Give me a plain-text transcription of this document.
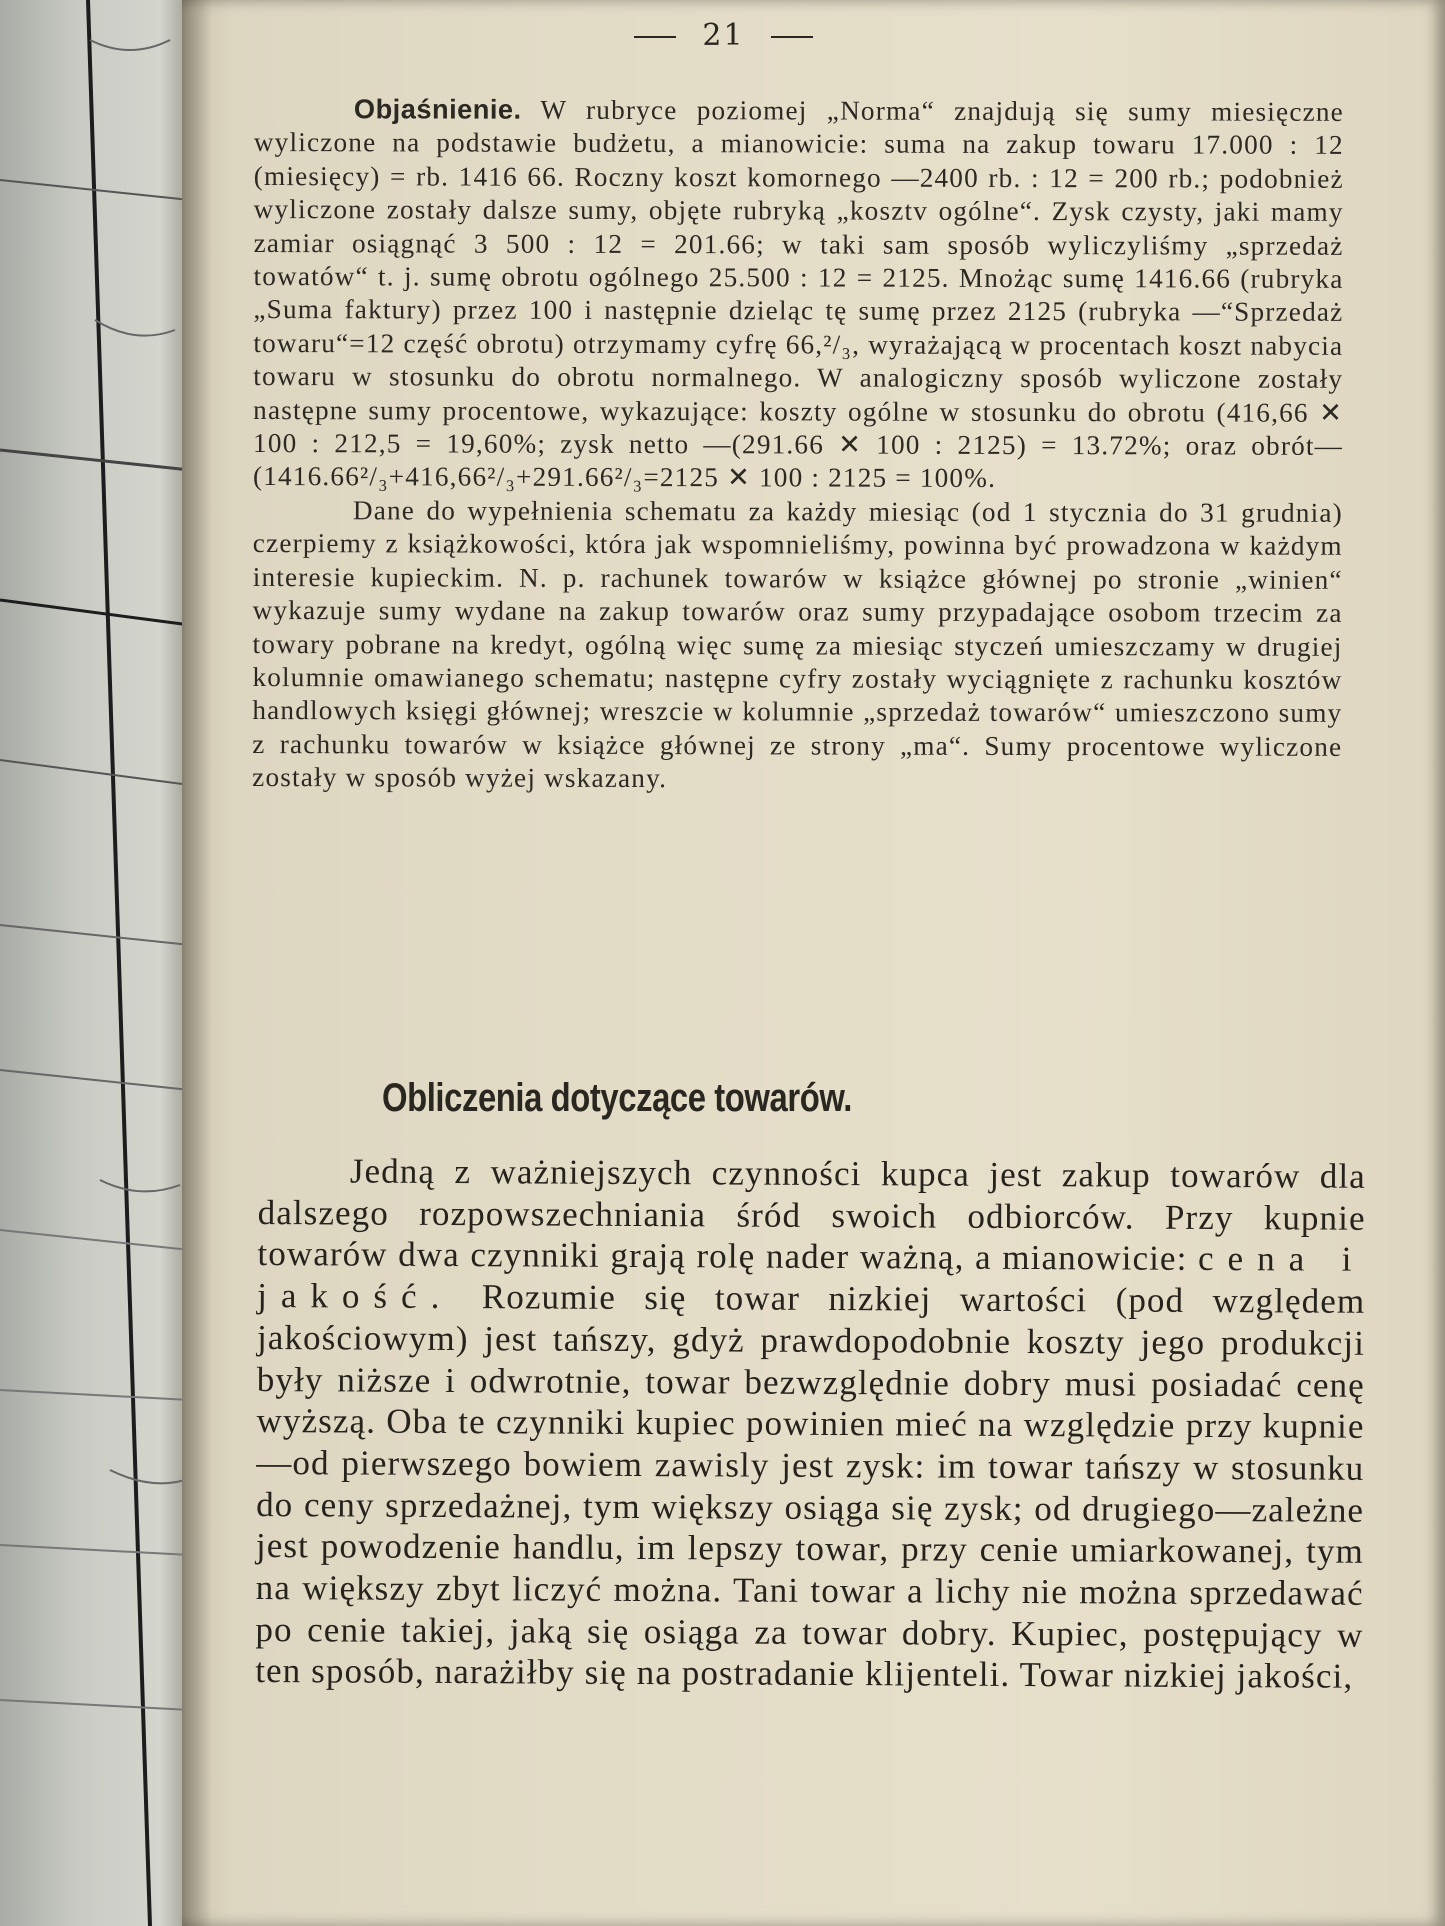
21

Objaśnienie. W rubryce poziomej „Norma“ znajdują się sumy miesięczne wyliczone na podstawie budżetu, a mianowicie: suma na zakup towaru 17.000 : 12 (miesięcy) = rb. 1416 66. Roczny koszt komornego —2400 rb. : 12 = 200 rb.; podobnież wyliczone zostały dalsze sumy, objęte rubryką „kosztv ogólne“. Zysk czysty, jaki mamy zamiar osiągnąć 3 500 : 12 = 201.66; w taki sam sposób wyliczyliśmy „sprzedaż towatów“ t. j. sumę obrotu ogólnego 25.500 : 12 = 2125. Mnożąc sumę 1416.66 (rubryka „Suma faktury) przez 100 i następnie dzieląc tę sumę przez 2125 (rubryka —“Sprzedaż towaru“=12 część obrotu) otrzymamy cyfrę 66,²/₃, wyrażającą w procentach koszt nabycia towaru w stosunku do obrotu normalnego. W analogiczny sposób wyliczone zostały następne sumy procentowe, wykazujące: koszty ogólne w stosunku do obrotu (416,66 ✕ 100 : 212,5 = 19,60%; zysk netto —(291.66 ✕ 100 : 2125) = 13.72%; oraz obrót—(1416.66²/₃+416,66²/₃+291.66²/₃=2125 ✕ 100 : 2125 = 100%.

Dane do wypełnienia schematu za każdy miesiąc (od 1 stycznia do 31 grudnia) czerpiemy z książkowości, która jak wspomnieliśmy, powinna być prowadzona w każdym interesie kupieckim. N. p. rachunek towarów w książce głównej po stronie „winien“ wykazuje sumy wydane na zakup towarów oraz sumy przypadające osobom trzecim za towary pobrane na kredyt, ogólną więc sumę za miesiąc styczeń umieszczamy w drugiej kolumnie omawianego schematu; następne cyfry zostały wyciągnięte z rachunku kosztów handlowych księgi głównej; wreszcie w kolumnie „sprzedaż towarów“ umieszczono sumy z rachunku towarów w książce głównej ze strony „ma“. Sumy procentowe wyliczone zostały w sposób wyżej wskazany.

Obliczenia dotyczące towarów.

Jedną z ważniejszych czynności kupca jest zakup towarów dla dalszego rozpowszechniania śród swoich odbiorców. Przy kupnie towarów dwa czynniki grają rolę nader ważną, a mianowicie: cena i jakość. Rozumie się towar nizkiej wartości (pod względem jakościowym) jest tańszy, gdyż prawdopodobnie koszty jego produkcji były niższe i odwrotnie, towar bezwzględnie dobry musi posiadać cenę wyższą. Oba te czynniki kupiec powinien mieć na względzie przy kupnie—od pierwszego bowiem zawisly jest zysk: im towar tańszy w stosunku do ceny sprzedażnej, tym większy osiąga się zysk; od drugiego—zależne jest powodzenie handlu, im lepszy towar, przy cenie umiarkowanej, tym na większy zbyt liczyć można. Tani towar a lichy nie można sprzedawać po cenie takiej, jaką się osiąga za towar dobry. Kupiec, postępujący w ten sposób, narażiłby się na postradanie klijenteli. Towar nizkiej jakości,
